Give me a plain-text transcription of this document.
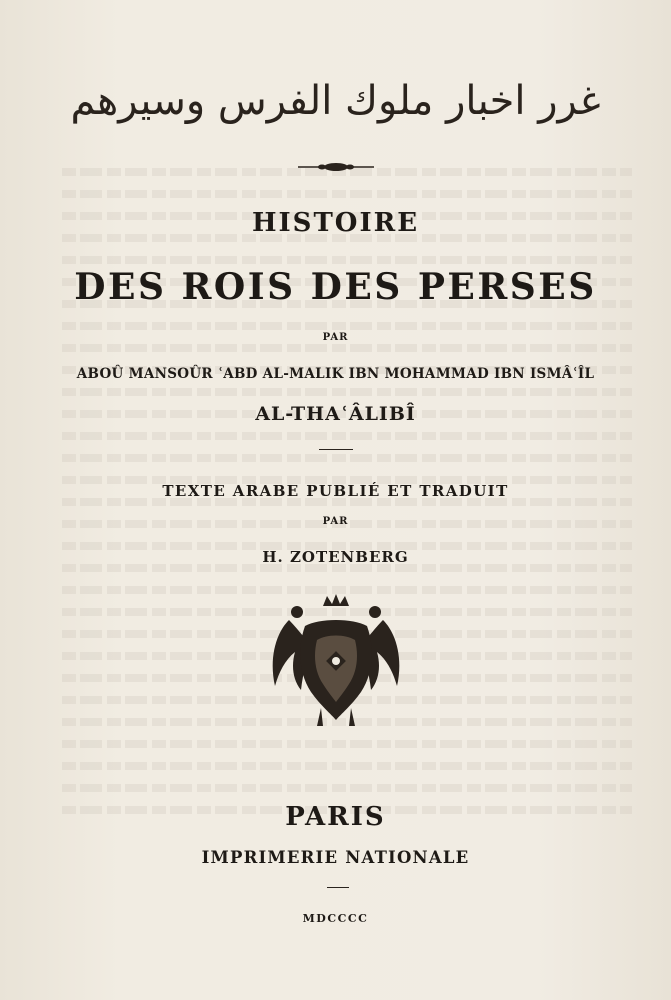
غرر اخبار ملوك الفرس وسيرهم
HISTOIRE
DES ROIS DES PERSES
PAR
ABOÛ MANSOÛR ʿABD AL-MALIK IBN MOHAMMAD IBN ISMÂʿÎL
AL-THAʿÂLIBÎ
TEXTE ARABE PUBLIÉ ET TRADUIT
PAR
H. ZOTENBERG
PARIS
IMPRIMERIE NATIONALE
MDCCCC
